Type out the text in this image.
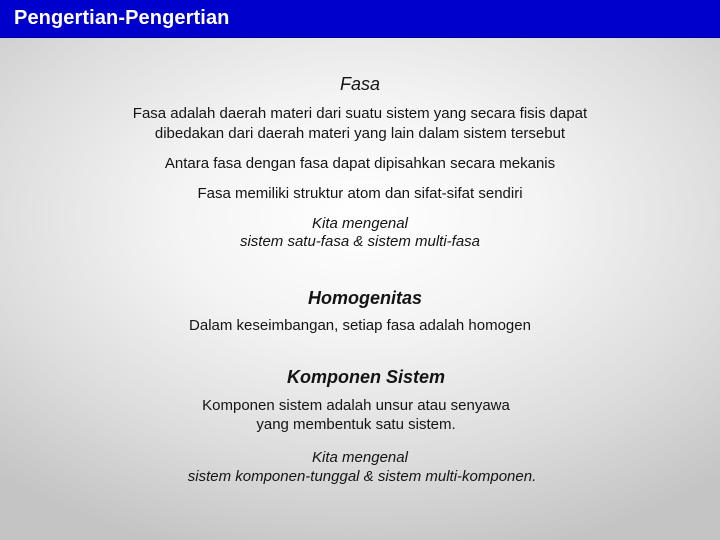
Pengertian-Pengertian
Fasa
Fasa adalah daerah materi dari suatu sistem yang secara fisis dapat
dibedakan dari daerah materi yang lain dalam sistem tersebut
Antara fasa dengan fasa dapat dipisahkan secara mekanis
Fasa memiliki struktur atom dan sifat-sifat sendiri
Kita mengenal
sistem satu-fasa & sistem multi-fasa
Homogenitas
Dalam keseimbangan, setiap fasa adalah homogen
Komponen Sistem
Komponen sistem adalah unsur atau senyawa
yang membentuk satu sistem.
Kita mengenal
sistem komponen-tunggal & sistem multi-komponen.
